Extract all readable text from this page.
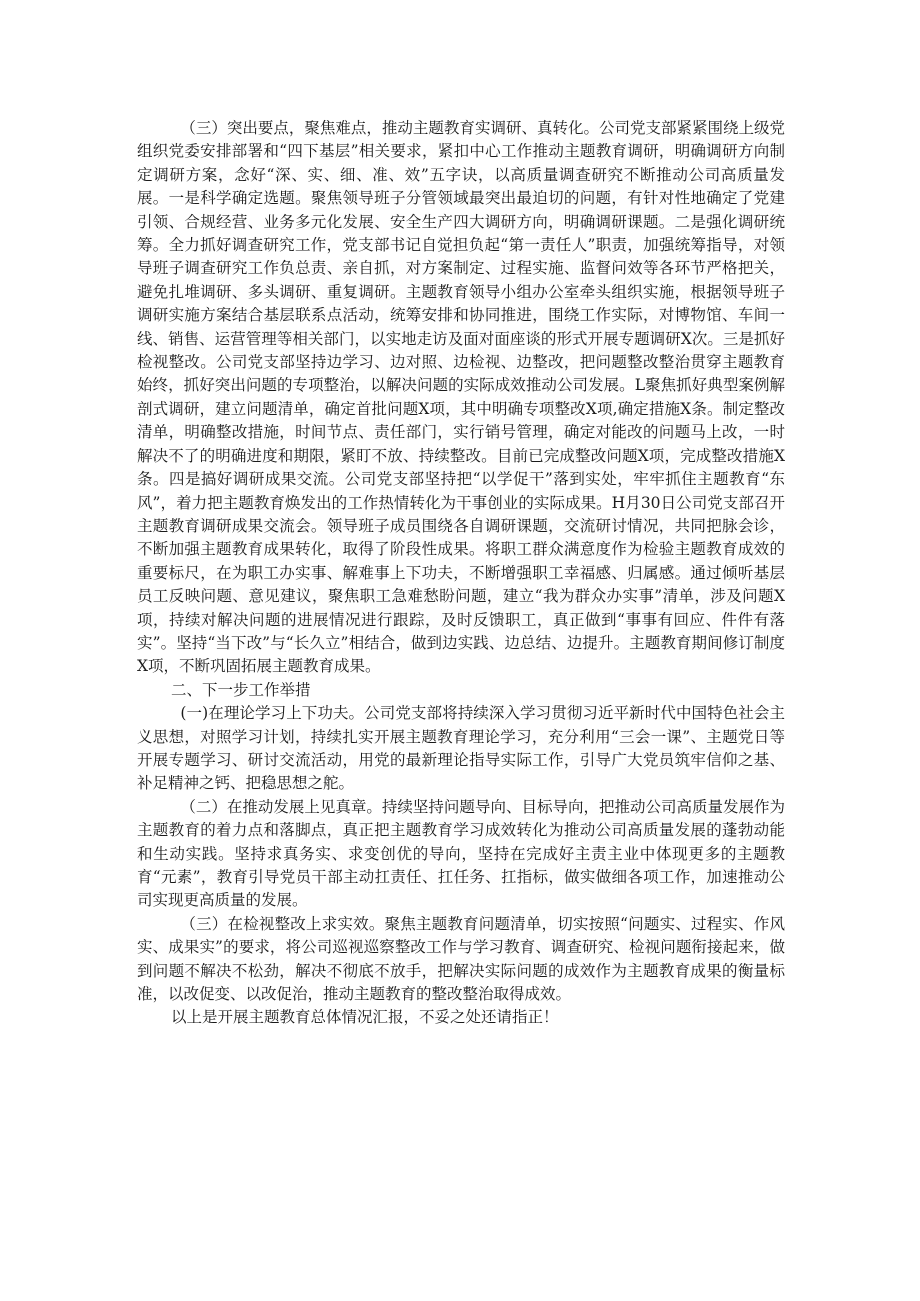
（三）突出要点，聚焦难点，推动主题教育实调研、真转化。公司党支部紧紧围绕上级党组织党委安排部署和“四下基层”相关要求，紧扣中心工作推动主题教育调研，明确调研方向制定调研方案，念好“深、实、细、准、效”五字诀，以高质量调查研究不断推动公司高质量发展。一是科学确定选题。聚焦领导班子分管领域最突出最迫切的问题，有针对性地确定了党建引领、合规经营、业务多元化发展、安全生产四大调研方向，明确调研课题。二是强化调研统筹。全力抓好调查研究工作，党支部书记自觉担负起“第一责任人”职责，加强统筹指导，对领导班子调查研究工作负总责、亲自抓，对方案制定、过程实施、监督问效等各环节严格把关，避免扎堆调研、多头调研、重复调研。主题教育领导小组办公室牵头组织实施，根据领导班子调研实施方案结合基层联系点活动，统筹安排和协同推进，围绕工作实际，对博物馆、车间一线、销售、运营管理等相关部门，以实地走访及面对面座谈的形式开展专题调研X次。三是抓好检视整改。公司党支部坚持边学习、边对照、边检视、边整改，把问题整改整治贯穿主题教育始终，抓好突出问题的专项整治，以解决问题的实际成效推动公司发展。L聚焦抓好典型案例解剖式调研，建立问题清单，确定首批问题X项，其中明确专项整改X项,确定措施X条。制定整改清单，明确整改措施，时间节点、责任部门，实行销号管理，确定对能改的问题马上改，一时解决不了的明确进度和期限，紧盯不放、持续整改。目前已完成整改问题X项，完成整改措施X条。四是搞好调研成果交流。公司党支部坚持把“以学促干”落到实处，牢牢抓住主题教育“东风”，着力把主题教育焕发出的工作热情转化为干事创业的实际成果。H月30日公司党支部召开主题教育调研成果交流会。领导班子成员围绕各自调研课题，交流研讨情况，共同把脉会诊，不断加强主题教育成果转化，取得了阶段性成果。将职工群众满意度作为检验主题教育成效的重要标尺，在为职工办实事、解难事上下功夫，不断增强职工幸福感、归属感。通过倾听基层员工反映问题、意见建议，聚焦职工急难愁盼问题，建立“我为群众办实事”清单，涉及问题X项，持续对解决问题的进展情况进行跟踪，及时反馈职工，真正做到“事事有回应、件件有落实”。坚持“当下改”与“长久立”相结合，做到边实践、边总结、边提升。主题教育期间修订制度X项，不断巩固拓展主题教育成果。

二、下一步工作举措

(一)在理论学习上下功夫。公司党支部将持续深入学习贯彻习近平新时代中国特色社会主义思想，对照学习计划，持续扎实开展主题教育理论学习，充分利用“三会一课”、主题党日等开展专题学习、研讨交流活动，用党的最新理论指导实际工作，引导广大党员筑牢信仰之基、补足精神之钙、把稳思想之舵。

（二）在推动发展上见真章。持续坚持问题导向、目标导向，把推动公司高质量发展作为主题教育的着力点和落脚点，真正把主题教育学习成效转化为推动公司高质量发展的蓬勃动能和生动实践。坚持求真务实、求变创优的导向，坚持在完成好主责主业中体现更多的主题教育“元素”，教育引导党员干部主动扛责任、扛任务、扛指标，做实做细各项工作，加速推动公司实现更高质量的发展。

（三）在检视整改上求实效。聚焦主题教育问题清单，切实按照“问题实、过程实、作风实、成果实”的要求，将公司巡视巡察整改工作与学习教育、调查研究、检视问题衔接起来，做到问题不解决不松劲，解决不彻底不放手，把解决实际问题的成效作为主题教育成果的衡量标准，以改促变、以改促治，推动主题教育的整改整治取得成效。

以上是开展主题教育总体情况汇报，不妥之处还请指正！
